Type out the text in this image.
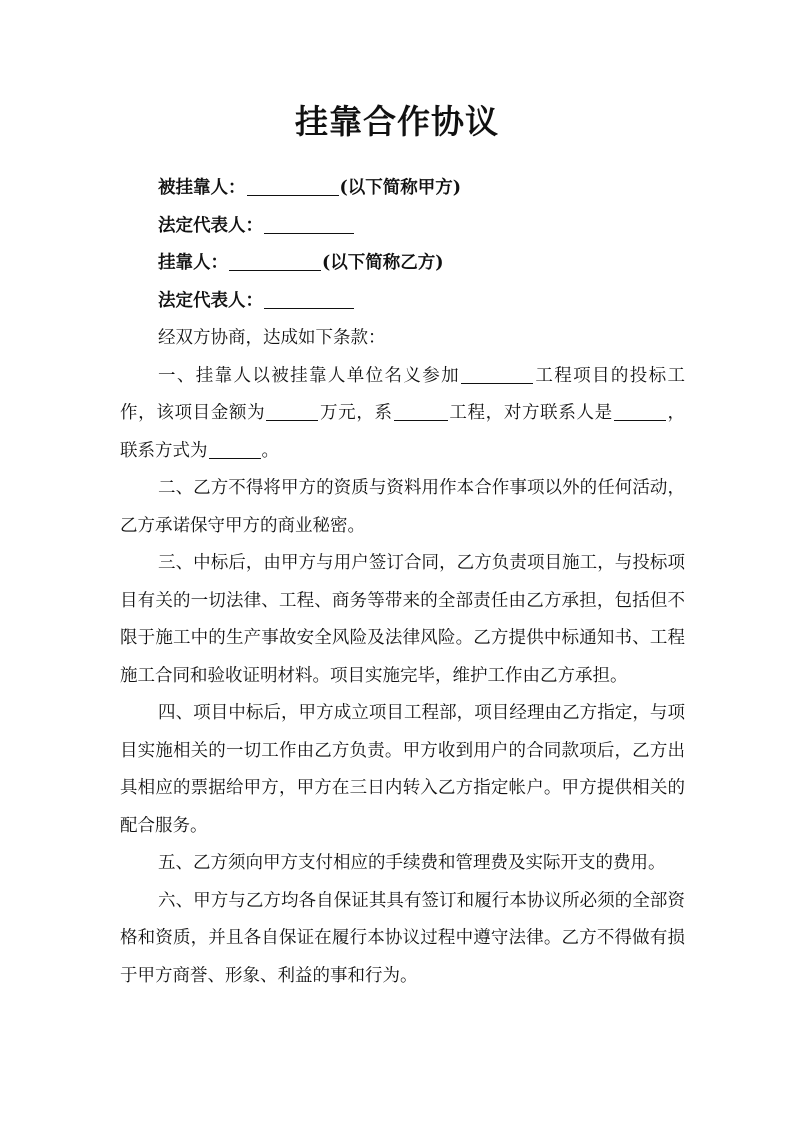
挂靠合作协议
被挂靠人：	(以下简称甲方)
法定代表人：
挂靠人：	(以下简称乙方)
法定代表人：
经双方协商，达成如下条款：

一、挂靠人以被挂靠人单位名义参加	工程项目的投标工作，该项目金额为	万元，系	工程，对方联系人是	，联系方式为	。

二、乙方不得将甲方的资质与资料用作本合作事项以外的任何活动，乙方承诺保守甲方的商业秘密。

三、中标后，由甲方与用户签订合同，乙方负责项目施工，与投标项目有关的一切法律、工程、商务等带来的全部责任由乙方承担，包括但不限于施工中的生产事故安全风险及法律风险。乙方提供中标通知书、工程施工合同和验收证明材料。项目实施完毕，维护工作由乙方承担。

四、项目中标后，甲方成立项目工程部，项目经理由乙方指定，与项目实施相关的一切工作由乙方负责。甲方收到用户的合同款项后，乙方出具相应的票据给甲方，甲方在三日内转入乙方指定帐户。甲方提供相关的配合服务。

五、乙方须向甲方支付相应的手续费和管理费及实际开支的费用。

六、甲方与乙方均各自保证其具有签订和履行本协议所必须的全部资格和资质，并且各自保证在履行本协议过程中遵守法律。乙方不得做有损于甲方商誉、形象、利益的事和行为。
